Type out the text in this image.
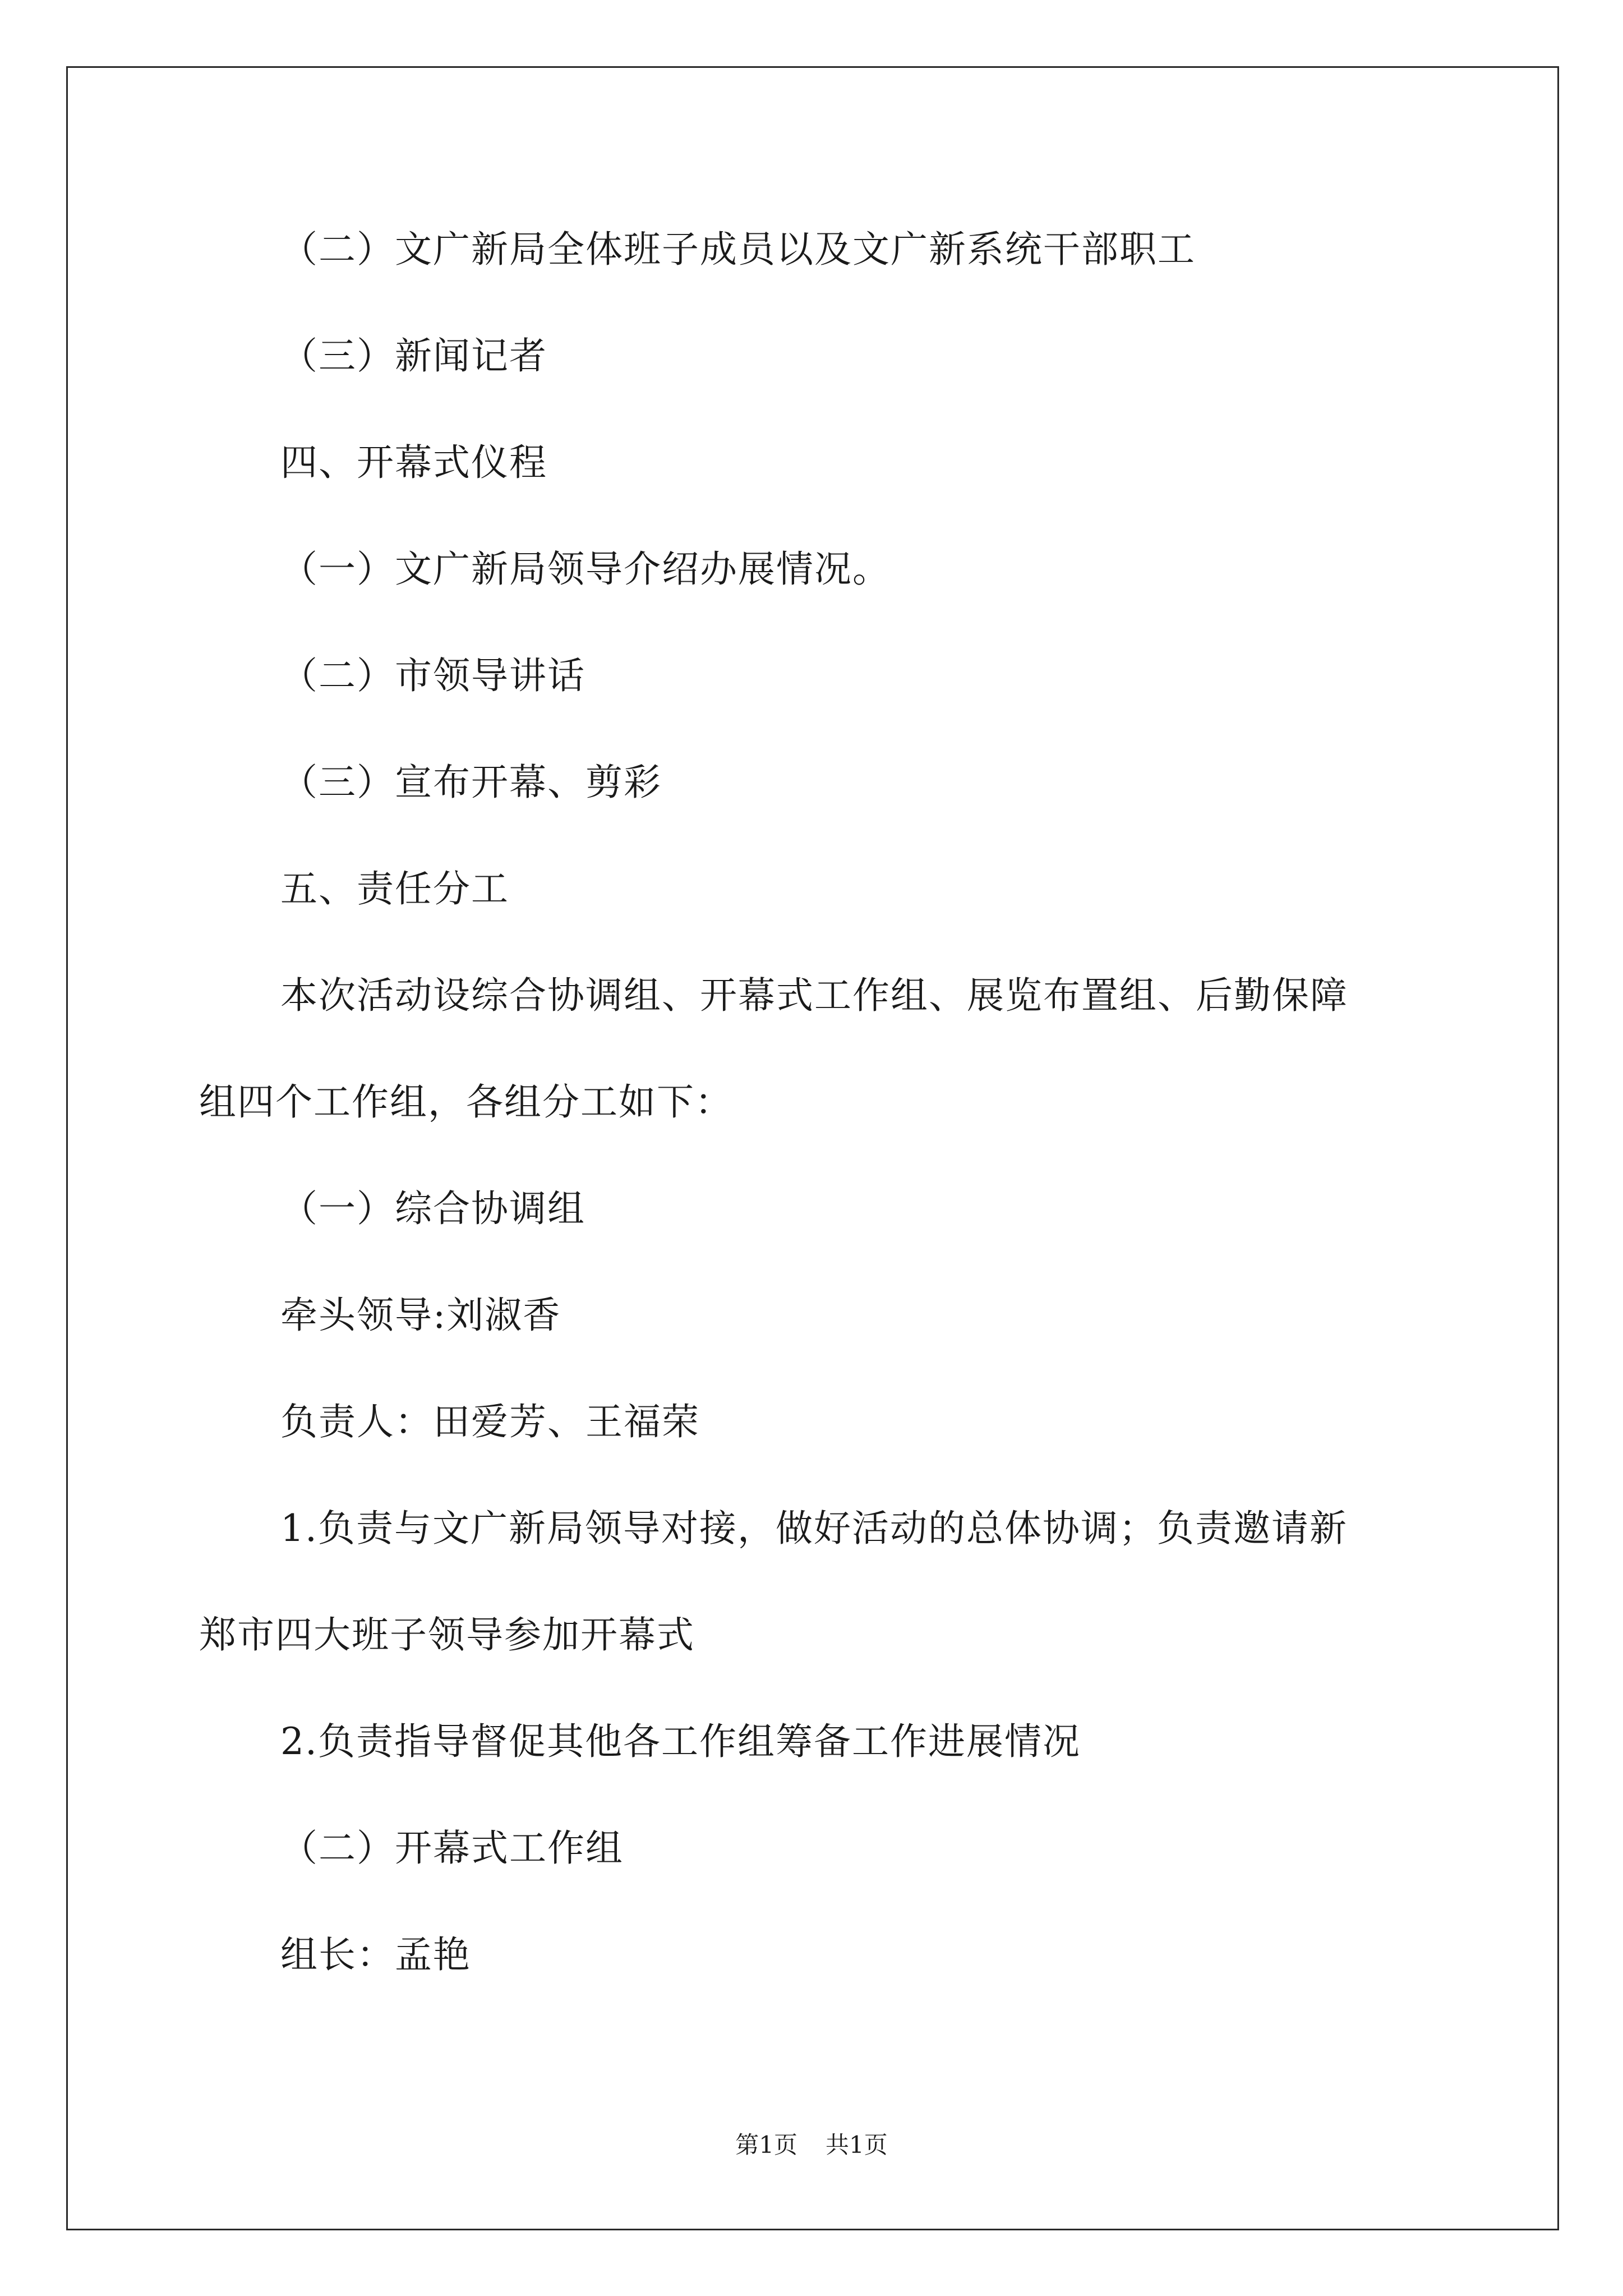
（二）文广新局全体班子成员以及文广新系统干部职工

（三）新闻记者

四、开幕式仪程

（一）文广新局领导介绍办展情况。

（二）市领导讲话

（三）宣布开幕、剪彩

五、责任分工

本次活动设综合协调组、开幕式工作组、展览布置组、后勤保障

组四个工作组，各组分工如下：

（一）综合协调组

牵头领导:刘淑香

负责人：田爱芳、王福荣

1.负责与文广新局领导对接，做好活动的总体协调；负责邀请新

郑市四大班子领导参加开幕式

2.负责指导督促其他各工作组筹备工作进展情况

（二）开幕式工作组

组长：孟艳

第1页 共1页
